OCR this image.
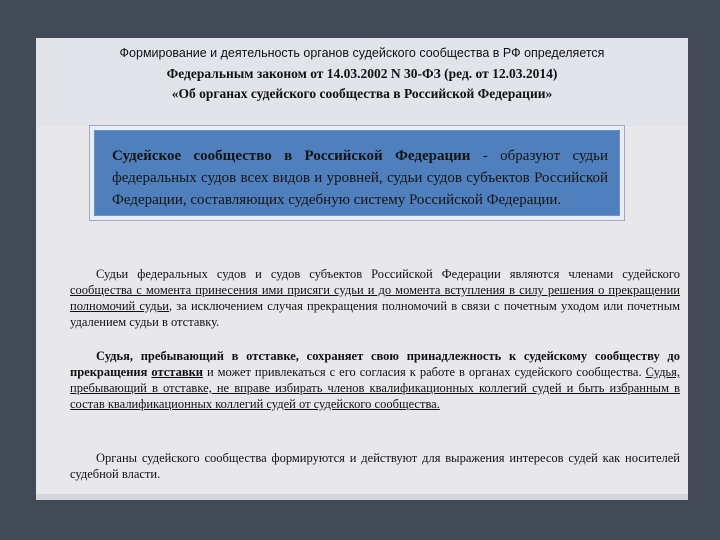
Формирование и деятельность органов судейского сообщества в РФ определяется
Федеральным законом от 14.03.2002 N 30-ФЗ (ред. от 12.03.2014)
«Об органах судейского сообщества в Российской Федерации»
Судейское сообщество в Российской Федерации - образуют судьи федеральных судов всех видов и уровней, судьи судов субъектов Российской Федерации, составляющих судебную систему Российской Федерации.
Судьи федеральных судов и судов субъектов Российской Федерации являются членами судейского сообщества с момента принесения ими присяги судьи и до момента вступления в силу решения о прекращении полномочий судьи, за исключением случая прекращения полномочий в связи с почетным уходом или почетным удалением судьи в отставку.
Судья, пребывающий в отставке, сохраняет свою принадлежность к судейскому сообществу до прекращения отставки и может привлекаться с его согласия к работе в органах судейского сообщества. Судья, пребывающий в отставке, не вправе избирать членов квалификационных коллегий судей и быть избранным в состав квалификационных коллегий судей от судейского сообщества.
Органы судейского сообщества формируются и действуют для выражения интересов судей как носителей судебной власти.
